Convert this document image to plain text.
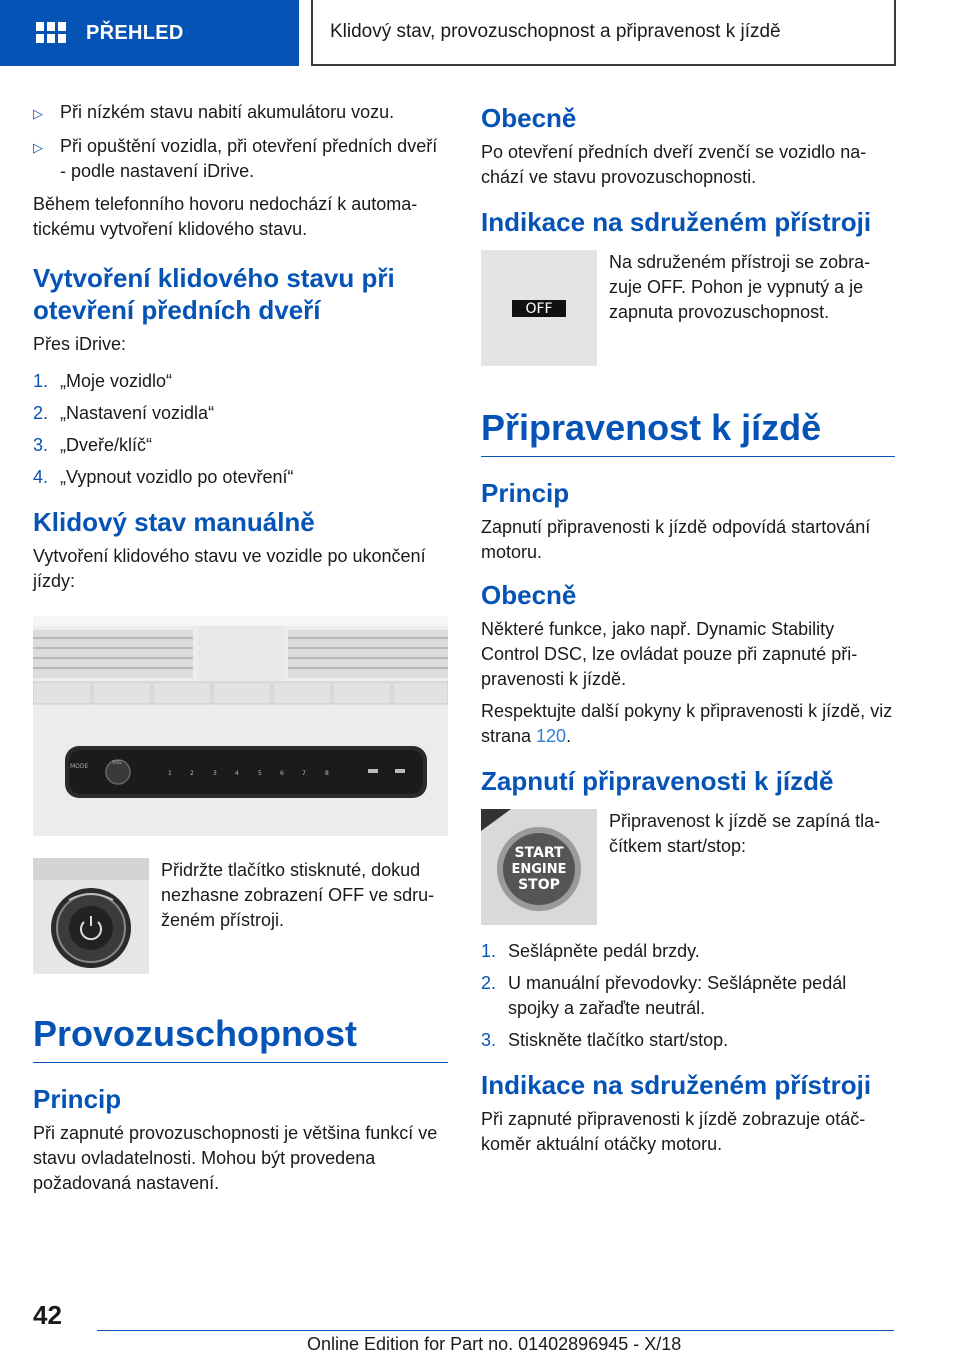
PŘEHLED	Klidový stav, provozuschopnost a připravenost k jízdě
▷ Při nízkém stavu nabití akumulátoru vozu.
▷ Při opuštění vozidla, při otevření předních dveří - podle nastavení iDrive.

Během telefonního hovoru nedochází k automatickému vytvoření klidového stavu.

Vytvoření klidového stavu při otevření předních dveří

Přes iDrive:

1. „Moje vozidlo“
2. „Nastavení vozidla“
3. „Dveře/klíč“
4. „Vypnout vozidlo po otevření“
Klidový stav manuálně

Vytvoření klidového stavu ve vozidle po ukončení jízdy:

MODE	VOL
1	2	3	4	5	6	7	8
Přidržte tlačítko stisknuté, dokud nezhasne zobrazení OFF ve sdruženém přístroji.
Provozuschopnost
Princip

Při zapnuté provozuschopnosti je většina funkcí ve stavu ovladatelnosti. Mohou být provedena požadovaná nastavení.

Obecně

Po otevření předních dveří zvenčí se vozidlo nachází ve stavu provozuschopnosti.

Indikace na sdruženém přístroji
OFF
Na sdruženém přístroji se zobrazuje OFF. Pohon je vypnutý a je zapnuta provozuschopnost.
Připravenost k jízdě
Princip

Zapnutí připravenosti k jízdě odpovídá startování motoru.

Obecně

Některé funkce, jako např. Dynamic Stability Control DSC, lze ovládat pouze při zapnuté připravenosti k jízdě.

Respektujte další pokyny k připravenosti k jízdě, viz strana 120.

Zapnutí připravenosti k jízdě
START
ENGINE
STOP
Připravenost k jízdě se zapíná tlačítkem start/stop:
1. Sešlápněte pedál brzdy.
2. U manuální převodovky: Sešlápněte pedál spojky a zařaďte neutrál.
3. Stiskněte tlačítko start/stop.
Indikace na sdruženém přístroji

Při zapnuté připravenosti k jízdě zobrazuje otáčkoměr aktuální otáčky motoru.

42
Online Edition for Part no. 01402896945 - X/18
